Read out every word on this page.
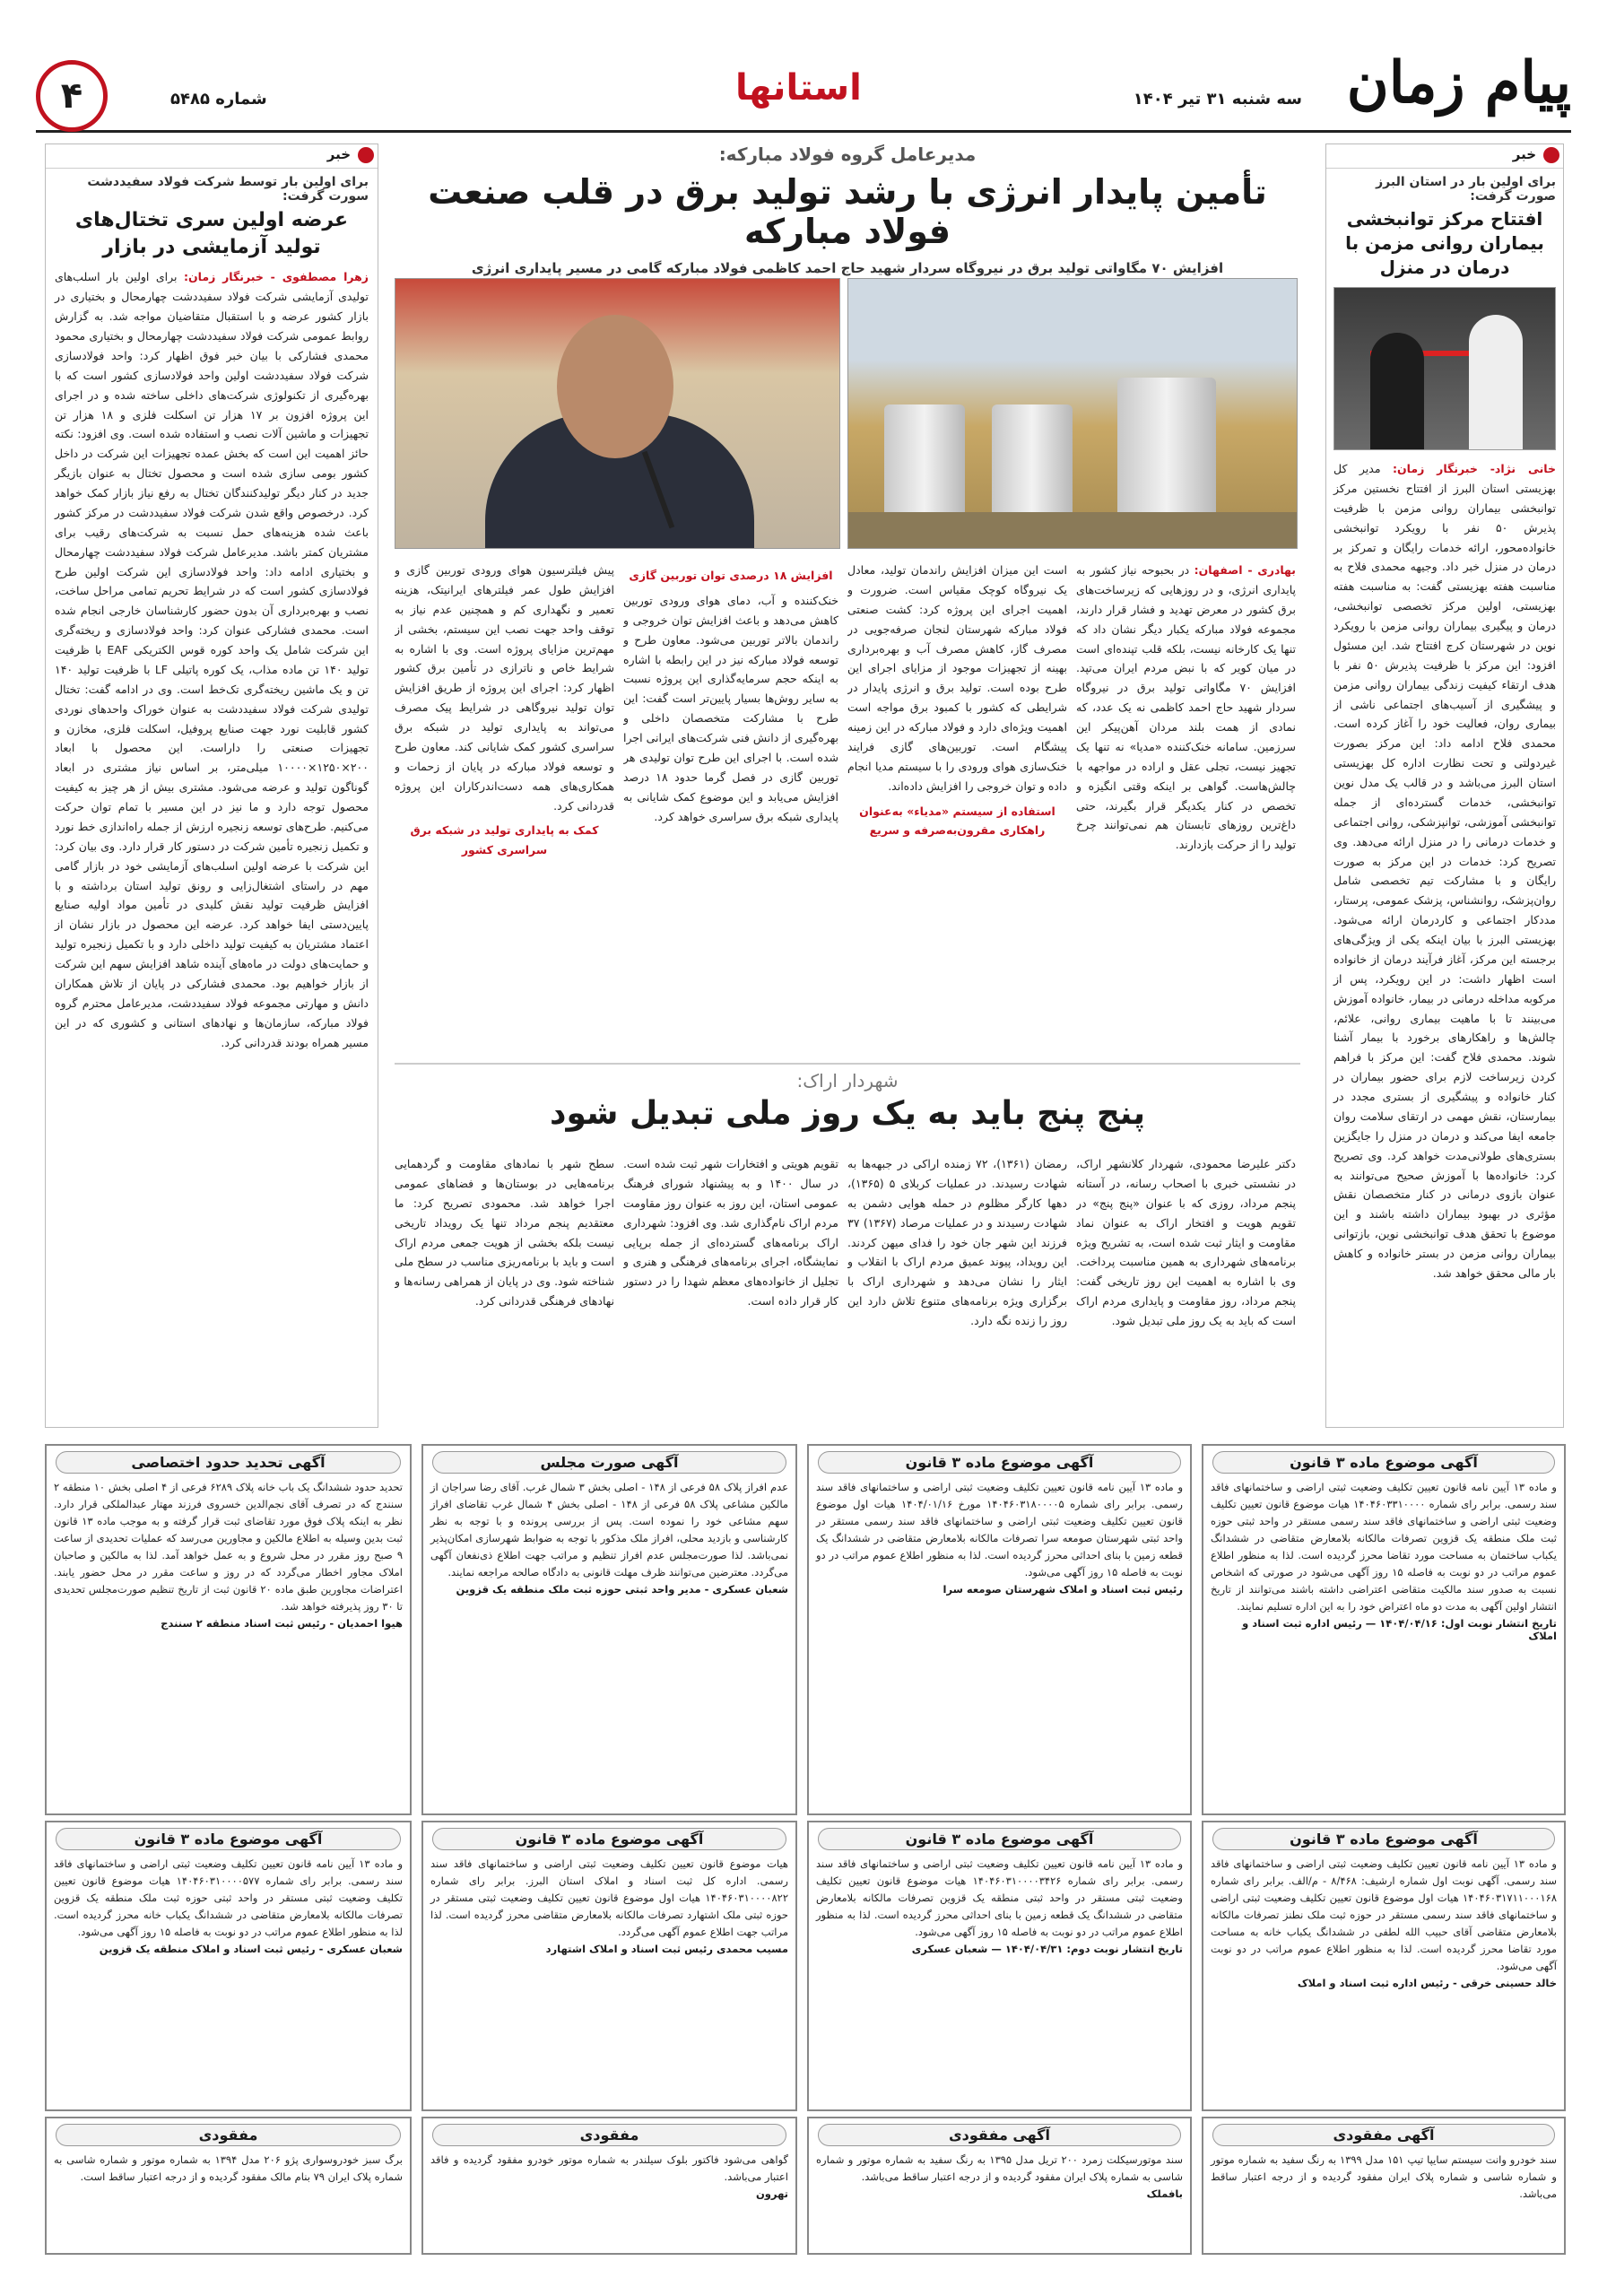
پیام زمان
سه شنبه ۳۱ تیر ۱۴۰۴
استانها
شماره ۵۴۸۵
۴
خبر
برای اولین بار توسط شرکت فولاد سفیددشت سورت گرفت:
عرضه اولین سری تختال‌های تولید آزمایشی در بازار
زهرا مصطفوی - خبرنگار زمان: برای اولین بار اسلب‌های تولیدی آزمایشی شرکت فولاد سفیددشت چهارمحال و بختیاری در بازار کشور عرضه و با استقبال متقاضیان مواجه شد. به گزارش روابط عمومی شرکت فولاد سفیددشت چهارمحال و بختیاری محمود محمدی فشارکی با بیان خبر فوق اظهار کرد: واحد فولادسازی شرکت فولاد سفیددشت اولین واحد فولادسازی کشور است که با بهره‌گیری از تکنولوژی شرکت‌های داخلی ساخته شده و در اجرای این پروژه افزون بر ۱۷ هزار تن اسکلت فلزی و ۱۸ هزار تن تجهیزات و ماشین آلات نصب و استفاده شده است. وی افزود: نکته حائز اهمیت این است که بخش عمده تجهیزات این شرکت در داخل کشور بومی سازی شده است و محصول تختال به عنوان بازیگر جدید در کنار دیگر تولیدکنندگان تختال به رفع نیاز بازار کمک خواهد کرد. درخصوص واقع شدن شرکت فولاد سفیددشت در مرکز کشور باعث شده هزینه‌های حمل نسبت به شرکت‌های رقیب برای مشتریان کمتر باشد. مدیرعامل شرکت فولاد سفیددشت چهارمحال و بختیاری ادامه داد: واحد فولادسازی این شرکت اولین طرح فولادسازی کشور است که در شرایط تحریم تمامی مراحل ساخت، نصب و بهره‌برداری آن بدون حضور کارشناسان خارجی انجام شده است. محمدی فشارکی عنوان کرد: واحد فولادسازی و ریخته‌گری این شرکت شامل یک واحد کوره قوس الکتریکی EAF با ظرفیت تولید ۱۴۰ تن ماده مذاب، یک کوره پاتیلی LF با ظرفیت تولید ۱۴۰ تن و یک ماشین ریخته‌گری تک‌خط است. وی در ادامه گفت: تختال تولیدی شرکت فولاد سفیددشت به عنوان خوراک واحدهای نوردی کشور قابلیت نورد جهت صنایع پروفیل، اسکلت فلزی، مخازن و تجهیزات صنعتی را داراست. این محصول با ابعاد ۲۰۰×۱۲۵۰×۱۰۰۰۰ میلی‌متر، بر اساس نیاز مشتری در ابعاد گوناگون تولید و عرضه می‌شود. مشتری بیش از هر چیز به کیفیت محصول توجه دارد و ما نیز در این مسیر با تمام توان حرکت می‌کنیم. طرح‌های توسعه زنجیره ارزش از جمله راه‌اندازی خط نورد و تکمیل زنجیره تأمین شرکت در دستور کار قرار دارد. وی بیان کرد: این شرکت با عرضه اولین اسلب‌های آزمایشی خود در بازار گامی مهم در راستای اشتغال‌زایی و رونق تولید استان برداشته و با افزایش ظرفیت تولید نقش کلیدی در تأمین مواد اولیه صنایع پایین‌دستی ایفا خواهد کرد. عرضه این محصول در بازار نشان از اعتماد مشتریان به کیفیت تولید داخلی دارد و با تکمیل زنجیره تولید و حمایت‌های دولت در ماه‌های آینده شاهد افزایش سهم این شرکت از بازار خواهیم بود. محمدی فشارکی در پایان از تلاش همکاران دانش و مهارتی مجموعه فولاد سفیددشت، مدیرعامل محترم گروه فولاد مبارکه، سازمان‌ها و نهادهای استانی و کشوری که در این مسیر همراه بودند قدردانی کرد.
خبر
برای اولین بار در استان البرز صورت گرفت:
افتتاح مرکز توانبخشی بیماران روانی مزمن با درمان در منزل
خانی نژاد- خبرنگار زمان: مدیر کل بهزیستی استان البرز از افتتاح نخستین مرکز توانبخشی بیماران روانی مزمن با ظرفیت پذیرش ۵۰ نفر با رویکرد توانبخشی خانواده‌محور، ارائه خدمات رایگان و تمرکز بر درمان در منزل خبر داد. وجیهه محمدی فلاح به مناسبت هفته بهزیستی گفت: به مناسبت هفته بهزیستی، اولین مرکز تخصصی توانبخشی، درمان و پیگیری بیماران روانی مزمن با رویکرد نوین در شهرستان کرج افتتاح شد. این مسئول افزود: این مرکز با ظرفیت پذیرش ۵۰ نفر با هدف ارتقاء کیفیت زندگی بیماران روانی مزمن و پیشگیری از آسیب‌های اجتماعی ناشی از بیماری روان، فعالیت خود را آغاز کرده است. محمدی فلاح ادامه داد: این مرکز بصورت غیردولتی و تحت نظارت اداره کل بهزیستی استان البرز می‌باشد و در قالب یک مدل نوین توانبخشی، خدمات گسترده‌ای از جمله توانبخشی آموزشی، توانپزشکی، روانی اجتماعی و خدمات درمانی را در منزل ارائه می‌دهد. وی تصریح کرد: خدمات در این مرکز به صورت رایگان و با مشارکت تیم تخصصی شامل روان‌پزشک، روانشناس، پزشک عمومی، پرستار، مددکار اجتماعی و کاردرمان ارائه می‌شود. بهزیستی البرز با بیان اینکه یکی از ویژگی‌های برجسته این مرکز، آغاز فرآیند درمان از خانواده است اظهار داشت: در این رویکرد، پس از مرکوبه مداخله درمانی در بیمار، خانواده آموزش می‌بینند تا با ماهیت بیماری روانی، علائم، چالش‌ها و راهکارهای برخورد با بیمار آشنا شوند. محمدی فلاح گفت: این مرکز با فراهم کردن زیرساخت لازم برای حضور بیماران در کنار خانواده و پیشگیری از بستری مجدد در بیمارستان، نقش مهمی در ارتقای سلامت روان جامعه ایفا می‌کند و درمان در منزل را جایگزین بستری‌های طولانی‌مدت خواهد کرد. وی تصریح کرد: خانواده‌ها با آموزش صحیح می‌توانند به عنوان بازوی درمانی در کنار متخصصان نقش مؤثری در بهبود بیماران داشته باشند و این موضوع با تحقق هدف توانبخشی نوین، بازتوانی بیماران روانی مزمن در بستر خانواده و کاهش بار مالی محقق خواهد شد.
مدیرعامل گروه فولاد مبارکه:
تأمین پایدار انرژی با رشد تولید برق در قلب صنعت فولاد مبارکه
افزایش ۷۰ مگاواتی تولید برق در نیروگاه سردار شهید حاج احمد کاظمی فولاد مبارکه گامی در مسیر پایداری انرژی
بهادری - اصفهان: در بحبوحه نیاز کشور به پایداری انرژی، و در روزهایی که زیرساخت‌های برق کشور در معرض تهدید و فشار قرار دارند، مجموعه فولاد مبارکه یکبار دیگر نشان داد که تنها یک کارخانه نیست، بلکه قلب تپنده‌ای است در میان کویر که با نبض مردم ایران می‌تپد. افزایش ۷۰ مگاواتی تولید برق در نیروگاه سردار شهید حاج احمد کاظمی نه یک عدد، که نمادی از همت بلند مردان آهن‌پیکر این سرزمین. سامانه خنک‌کننده «مدیا» نه تنها یک تجهیز نیست، تجلی عقل و اراده در مواجهه با چالش‌هاست. گواهی بر اینکه وقتی انگیزه و تخصص در کنار یکدیگر قرار بگیرند، حتی داغ‌ترین روزهای تابستان هم نمی‌توانند چرخ تولید را از حرکت بازدارند.
است این میزان افزایش راندمان تولید، معادل یک نیروگاه کوچک مقیاس است. ضرورت و اهمیت اجرای این پروژه کرد: کشت صنعتی فولاد مبارکه شهرستان لنجان صرفه‌جویی در مصرف گاز، کاهش مصرف آب و بهره‌برداری بهینه از تجهیزات موجود از مزایای اجرای این طرح بوده است. تولید برق و انرژی پایدار در شرایطی که کشور با کمبود برق مواجه است اهمیت ویژه‌ای دارد و فولاد مبارکه در این زمینه پیشگام است. توربین‌های گازی فرایند خنک‌سازی هوای ورودی را با سیستم مدیا انجام داده و توان خروجی را افزایش داده‌اند.
استفاده از سیستم «مدیاء» به‌عنوان راهکاری مقرون‌به‌صرفه و سریع
افزایش ۱۸ درصدی توان توربین گازی
خنک‌کننده و آب، دمای هوای ورودی توربین کاهش می‌دهد و باعث افزایش توان خروجی و راندمان بالاتر توربین می‌شود. معاون طرح و توسعه فولاد مبارکه نیز در این رابطه با اشاره به اینکه حجم سرمایه‌گذاری این پروژه نسبت به سایر روش‌ها بسیار پایین‌تر است گفت: این طرح با مشارکت متخصصان داخلی و بهره‌گیری از دانش فنی شرکت‌های ایرانی اجرا شده است. با اجرای این طرح توان تولیدی هر توربین گازی در فصل گرما حدود ۱۸ درصد افزایش می‌یابد و این موضوع کمک شایانی به پایداری شبکه برق سراسری خواهد کرد.
پیش فیلترسیون هوای ورودی توربین گازی و افزایش طول عمر فیلترهای ایرانیتک، هزینه تعمیر و نگهداری کم و همچنین عدم نیاز به توقف واحد جهت نصب این سیستم، بخشی از مهم‌ترین مزایای پروژه است. وی با اشاره به شرایط خاص و ناترازی در تأمین برق کشور اظهار کرد: اجرای این پروژه از طریق افزایش توان تولید نیروگاهی در شرایط پیک مصرف می‌تواند به پایداری تولید در شبکه برق سراسری کشور کمک شایانی کند. معاون طرح و توسعه فولاد مبارکه در پایان از زحمات و همکاری‌های همه دست‌اندرکاران این پروژه قدردانی کرد.
کمک به پایداری تولید در شبکه برق سراسری کشور
شهردار اراک:
پنج پنج باید به یک روز ملی تبدیل شود
دکتر علیرضا محمودی، شهردار کلانشهر اراک، در نشستی خبری با اصحاب رسانه، در آستانه پنجم مرداد، روزی که با عنوان «پنج پنج» در تقویم هویت و افتخار اراک به عنوان نماد مقاومت و ایثار ثبت شده است، به تشریح ویژه برنامه‌های شهرداری به همین مناسبت پرداخت. وی با اشاره به اهمیت این روز تاریخی گفت: پنجم مرداد، روز مقاومت و پایداری مردم اراک است که باید به یک روز ملی تبدیل شود.
رمضان (۱۳۶۱)، ۷۲ زمنده اراکی در جبهه‌ها به شهادت رسیدند. در عملیات کربلای ۵ (۱۳۶۵)، دهها کارگر مظلوم در حمله هوایی دشمن به شهادت رسیدند و در عملیات مرصاد (۱۳۶۷) ۳۷ فرزند این شهر جان خود را فدای میهن کردند. این رویداد، پیوند عمیق مردم اراک با انقلاب و ایثار را نشان می‌دهد و شهرداری اراک با برگزاری ویژه برنامه‌های متنوع تلاش دارد این روز را زنده نگه دارد.
تقویم هویتی و افتخارات شهر ثبت شده است. در سال ۱۴۰۰ و به پیشنهاد شورای فرهنگ عمومی استان، این روز به عنوان روز مقاومت مردم اراک نام‌گذاری شد. وی افزود: شهرداری اراک برنامه‌های گسترده‌ای از جمله برپایی نمایشگاه، اجرای برنامه‌های فرهنگی و هنری و تجلیل از خانواده‌های معظم شهدا را در دستور کار قرار داده است.
سطح شهر با نمادهای مقاومت و گردهمایی برنامه‌هایی در بوستان‌ها و فضاهای عمومی اجرا خواهد شد. محمودی تصریح کرد: ما معتقدیم پنجم مرداد تنها یک رویداد تاریخی نیست بلکه بخشی از هویت جمعی مردم اراک است و باید با برنامه‌ریزی مناسب در سطح ملی شناخته شود. وی در پایان از همراهی رسانه‌ها و نهادهای فرهنگی قدردانی کرد.
آگهی موضوع ماده ۳ قانون
و ماده ۱۳ آیین نامه قانون تعیین تکلیف وضعیت ثبتی اراضی و ساختمانهای فاقد سند رسمی. برابر رای شماره ۱۴۰۴۶۰۳۳۱۰۰۰۰ هیات موضوع قانون تعیین تکلیف وضعیت ثبتی اراضی و ساختمانهای فاقد سند رسمی مستقر در واحد ثبتی حوزه ثبت ملک منطقه یک قزوین تصرفات مالکانه بلامعارض متقاضی در ششدانگ یکباب ساختمان به مساحت مورد تقاضا محرز گردیده است. لذا به منظور اطلاع عموم مراتب در دو نوبت به فاصله ۱۵ روز آگهی می‌شود در صورتی که اشخاص نسبت به صدور سند مالکیت متقاضی اعتراضی داشته باشند می‌توانند از تاریخ انتشار اولین آگهی به مدت دو ماه اعتراض خود را به این اداره تسلیم نمایند.
تاریخ انتشار نوبت اول: ۱۴۰۴/۰۴/۱۶ — رئیس اداره ثبت اسناد و املاک
آگهی موضوع ماده ۳ قانون
و ماده ۱۳ آیین نامه قانون تعیین تکلیف وضعیت ثبتی اراضی و ساختمانهای فاقد سند رسمی. برابر رای شماره ۱۴۰۴۶۰۳۱۸۰۰۰۰۵ مورخ ۱۴۰۴/۰۱/۱۶ هیات اول موضوع قانون تعیین تکلیف وضعیت ثبتی اراضی و ساختمانهای فاقد سند رسمی مستقر در واحد ثبتی شهرستان صومعه سرا تصرفات مالکانه بلامعارض متقاضی در ششدانگ یک قطعه زمین با بنای احداثی محرز گردیده است. لذا به منظور اطلاع عموم مراتب در دو نوبت به فاصله ۱۵ روز آگهی می‌شود.
رئیس ثبت اسناد و املاک شهرستان صومعه سرا
آگهی صورت مجلس
عدم افراز پلاک ۵۸ فرعی از ۱۴۸ - اصلی بخش ۳ شمال غرب. آقای رضا سراجان از مالکین مشاعی پلاک ۵۸ فرعی از ۱۴۸ - اصلی بخش ۴ شمال غرب تقاضای افراز سهم مشاعی خود را نموده است. پس از بررسی پرونده و با توجه به نظر کارشناسی و بازدید محلی، افراز ملک مذکور با توجه به ضوابط شهرسازی امکان‌پذیر نمی‌باشد. لذا صورت‌مجلس عدم افراز تنظیم و مراتب جهت اطلاع ذی‌نفعان آگهی می‌گردد. معترضین می‌توانند ظرف مهلت قانونی به دادگاه صالحه مراجعه نمایند.
شعبان عسکری - مدیر واحد ثبتی حوزه ثبت ملک منطقه یک قزوین
آگهی تحدید حدود اختصاصی
تحدید حدود ششدانگ یک باب خانه پلاک ۶۲۸۹ فرعی از ۴ اصلی بخش ۱۰ منطقه ۲ سنندج که در تصرف آقای نجم‌الدین خسروی فرزند مهتار عبدالملکی قرار دارد. نظر به اینکه پلاک فوق مورد تقاضای ثبت قرار گرفته و به موجب ماده ۱۳ قانون ثبت بدین وسیله به اطلاع مالکین و مجاورین می‌رسد که عملیات تحدیدی از ساعت ۹ صبح روز مقرر در محل شروع و به عمل خواهد آمد. لذا به مالکین و صاحبان املاک مجاور اخطار می‌گردد که در روز و ساعت مقرر در محل حضور یابند. اعتراضات مجاورین طبق ماده ۲۰ قانون ثبت از تاریخ تنظیم صورت‌مجلس تحدیدی تا ۳۰ روز پذیرفته خواهد شد.
هیوا احمدیان - رئیس ثبت اسناد منطقه ۲ سنندج
آگهی موضوع ماده ۳ قانون
و ماده ۱۳ آیین نامه قانون تعیین تکلیف وضعیت ثبتی اراضی و ساختمانهای فاقد سند رسمی. آگهی نوبت اول شماره ارشیف: ۸/۴۶۸ - م/الف. برابر رای شماره ۱۴۰۴۶۰۳۱۷۱۱۰۰۰۱۶۸ هیات اول موضوع قانون تعیین تکلیف وضعیت ثبتی اراضی و ساختمانهای فاقد سند رسمی مستقر در حوزه ثبت ملک نطنز تصرفات مالکانه بلامعارض متقاضی آقای حبیب الله لطفی در ششدانگ یکباب خانه به مساحت مورد تقاضا محرز گردیده است. لذا به منظور اطلاع عموم مراتب در دو نوبت آگهی می‌شود.
خالد حسینی خرقی - رئیس اداره ثبت اسناد و املاک
آگهی موضوع ماده ۳ قانون
و ماده ۱۳ آیین نامه قانون تعیین تکلیف وضعیت ثبتی اراضی و ساختمانهای فاقد سند رسمی. برابر رای شماره ۱۴۰۴۶۰۳۱۰۰۰۰۳۴۲۶ هیات موضوع قانون تعیین تکلیف وضعیت ثبتی مستقر در واحد ثبتی منطقه یک قزوین تصرفات مالکانه بلامعارض متقاضی در ششدانگ یک قطعه زمین با بنای احداثی محرز گردیده است. لذا به منظور اطلاع عموم مراتب در دو نوبت به فاصله ۱۵ روز آگهی می‌شود.
تاریخ انتشار نوبت دوم: ۱۴۰۴/۰۴/۳۱ — شعبان عسکری
آگهی موضوع ماده ۳ قانون
هیات موضوع قانون تعیین تکلیف وضعیت ثبتی اراضی و ساختمانهای فاقد سند رسمی. اداره کل ثبت اسناد و املاک استان البرز. برابر رای شماره ۱۴۰۴۶۰۳۱۰۰۰۰۸۲۲ هیات اول موضوع قانون تعیین تکلیف وضعیت ثبتی مستقر در حوزه ثبتی ملک اشتهارد تصرفات مالکانه بلامعارض متقاضی محرز گردیده است. لذا مراتب جهت اطلاع عموم آگهی می‌گردد.
مسیب محمدی رئیس ثبت اسناد و املاک اشتهارد
آگهی موضوع ماده ۳ قانون
و ماده ۱۳ آیین نامه قانون تعیین تکلیف وضعیت ثبتی اراضی و ساختمانهای فاقد سند رسمی. برابر رای شماره ۱۴۰۴۶۰۳۱۰۰۰۰۵۷۷ هیات موضوع قانون تعیین تکلیف وضعیت ثبتی مستقر در واحد ثبتی حوزه ثبت ملک منطقه یک قزوین تصرفات مالکانه بلامعارض متقاضی در ششدانگ یکباب خانه محرز گردیده است. لذا به منظور اطلاع عموم مراتب در دو نوبت به فاصله ۱۵ روز آگهی می‌شود.
شعبان عسکری - رئیس ثبت اسناد و املاک منطقه یک قزوین
آگهی مفقودی
سند خودرو وانت سیستم سایپا تیپ ۱۵۱ مدل ۱۳۹۹ به رنگ سفید به شماره موتور و شماره شاسی و شماره پلاک ایران مفقود گردیده و از درجه اعتبار ساقط می‌باشد.
آگهی مفقودی
سند موتورسیکلت زمرد ۲۰۰ تریل مدل ۱۳۹۵ به رنگ سفید به شماره موتور و شماره شاسی به شماره پلاک ایران مفقود گردیده و از درجه اعتبار ساقط می‌باشد.
بافملک
مفقودی
گواهی می‌شود فاکتور بلوک سیلندر به شماره موتور خودرو مفقود گردیده و فاقد اعتبار می‌باشد.
تهرون
مفقودی
برگ سبز خودروسواری پژو ۲۰۶ مدل ۱۳۹۴ به شماره موتور و شماره شاسی به شماره پلاک ایران ۷۹ بنام مالک مفقود گردیده و از درجه اعتبار ساقط است.
